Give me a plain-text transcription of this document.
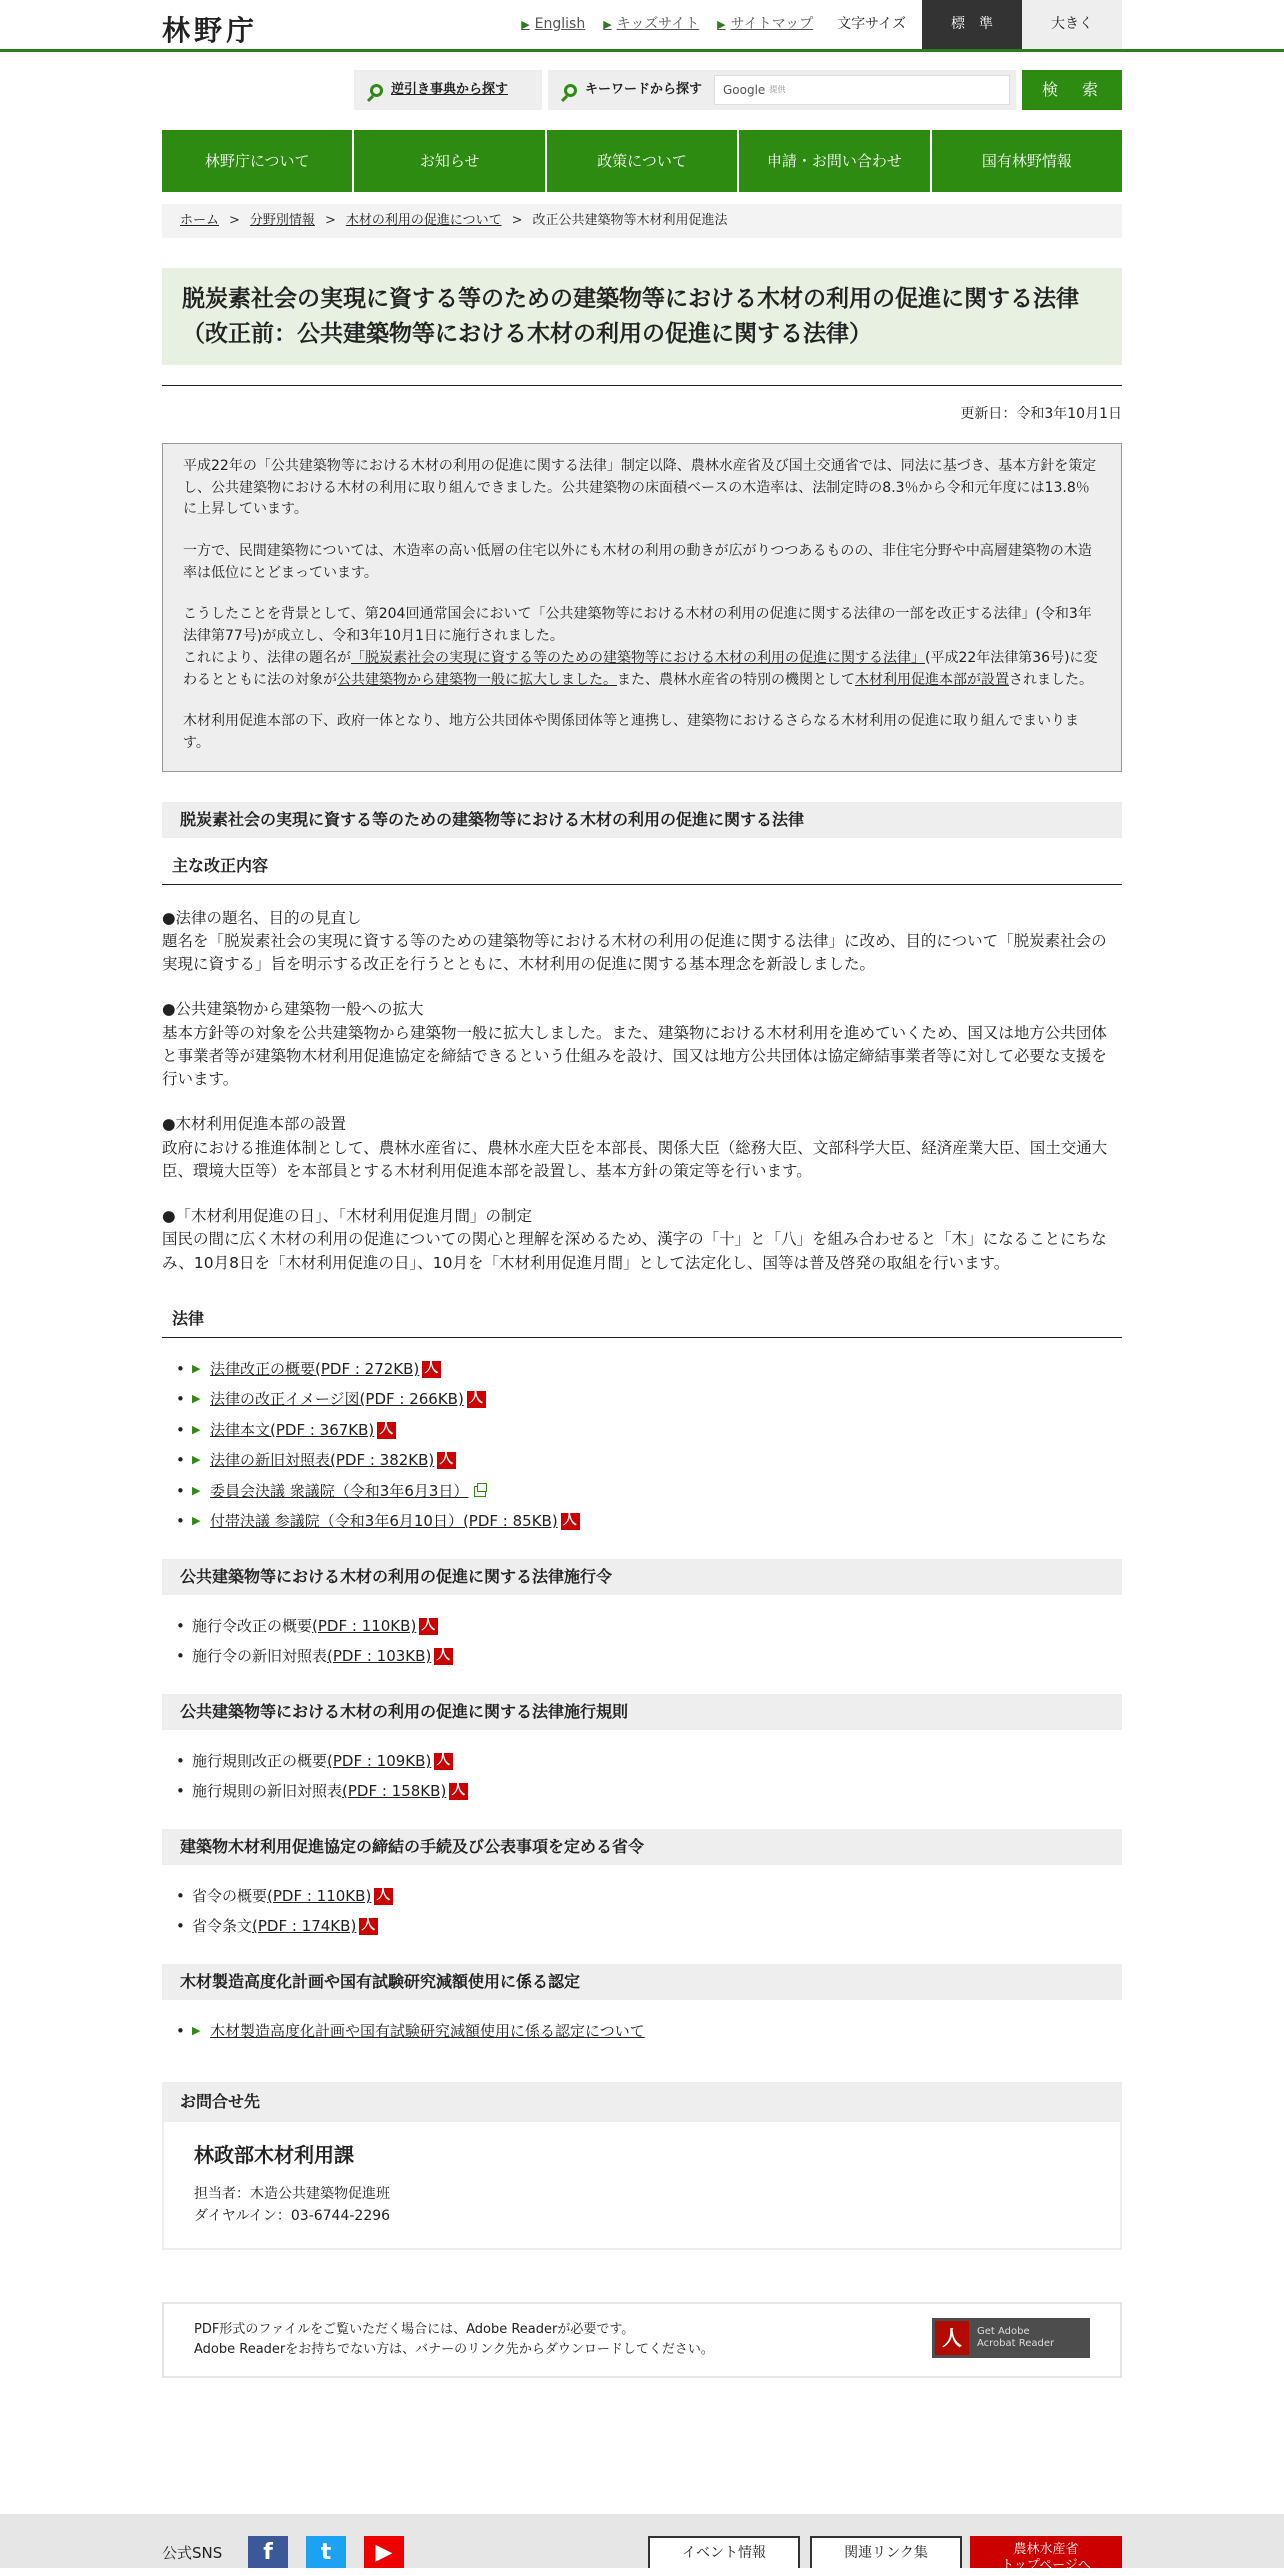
林野庁	▶ English ▶ キッズサイト ▶ サイトマップ 文字サイズ	標　準	大きく
逆引き事典から探す	キーワードから探す Google 提供	検　索
林野庁について	お知らせ	政策について	申請・お問い合わせ	国有林野情報
ホーム > 分野別情報 > 木材の利用の促進について > 改正公共建築物等木材利用促進法
脱炭素社会の実現に資する等のための建築物等における木材の利用の促進に関する法律（改正前：公共建築物等における木材の利用の促進に関する法律）
更新日：令和3年10月1日

平成22年の「公共建築物等における木材の利用の促進に関する法律」制定以降、農林水産省及び国土交通省では、同法に基づき、基本方針を策定し、公共建築物における木材の利用に取り組んできました。公共建築物の床面積ベースの木造率は、法制定時の8.3％から令和元年度には13.8％に上昇しています。

一方で、民間建築物については、木造率の高い低層の住宅以外にも木材の利用の動きが広がりつつあるものの、非住宅分野や中高層建築物の木造率は低位にとどまっています。

こうしたことを背景として、第204回通常国会において「公共建築物等における木材の利用の促進に関する法律の一部を改正する法律」(令和3年法律第77号)が成立し、令和3年10月1日に施行されました。

これにより、法律の題名が「脱炭素社会の実現に資する等のための建築物等における木材の利用の促進に関する法律」(平成22年法律第36号)に変わるとともに法の対象が公共建築物から建築物一般に拡大しました。また、農林水産省の特別の機関として木材利用促進本部が設置されました。

木材利用促進本部の下、政府一体となり、地方公共団体や関係団体等と連携し、建築物におけるさらなる木材利用の促進に取り組んでまいります。

脱炭素社会の実現に資する等のための建築物等における木材の利用の促進に関する法律
主な改正内容
●法律の題名、目的の見直し
題名を「脱炭素社会の実現に資する等のための建築物等における木材の利用の促進に関する法律」に改め、目的について「脱炭素社会の実現に資する」旨を明示する改正を行うとともに、木材利用の促進に関する基本理念を新設しました。
●公共建築物から建築物一般への拡大
基本方針等の対象を公共建築物から建築物一般に拡大しました。また、建築物における木材利用を進めていくため、国又は地方公共団体と事業者等が建築物木材利用促進協定を締結できるという仕組みを設け、国又は地方公共団体は協定締結事業者等に対して必要な支援を行います。
●木材利用促進本部の設置
政府における推進体制として、農林水産省に、農林水産大臣を本部長、関係大臣（総務大臣、文部科学大臣、経済産業大臣、国土交通大臣、環境大臣等）を本部員とする木材利用促進本部を設置し、基本方針の策定等を行います。
●「木材利用促進の日」、「木材利用促進月間」の制定
国民の間に広く木材の利用の促進についての関心と理解を深めるため、漢字の「十」と「八」を組み合わせると「木」になることにちなみ、10月8日を「木材利用促進の日」、10月を「木材利用促進月間」として法定化し、国等は普及啓発の取組を行います。
法律
• ▶ 法律改正の概要(PDF : 272KB)
人
• ▶ 法律の改正イメージ図(PDF : 266KB)
人
• ▶ 法律本文(PDF : 367KB)
人
• ▶ 法律の新旧対照表(PDF : 382KB)
人
• ▶ 委員会決議 衆議院（令和3年6月3日）
• ▶ 付帯決議 参議院（令和3年6月10日）(PDF : 85KB)
人
公共建築物等における木材の利用の促進に関する法律施行令
• 施行令改正の概要 (PDF : 110KB)
人
• 施行令の新旧対照表 (PDF : 103KB)
人
公共建築物等における木材の利用の促進に関する法律施行規則
• 施行規則改正の概要 (PDF : 109KB)
人
• 施行規則の新旧対照表 (PDF : 158KB)
人
建築物木材利用促進協定の締結の手続及び公表事項を定める省令
• 省令の概要 (PDF : 110KB)
人
• 省令条文 (PDF : 174KB)
人
木材製造高度化計画や国有試験研究減額使用に係る認定
• ▶ 木材製造高度化計画や国有試験研究減額使用に係る認定について
お問合せ先
林政部木材利用課
担当者：木造公共建築物促進班
ダイヤルイン：03-6744-2296
PDF形式のファイルをご覧いただく場合には、Adobe Readerが必要です。
Adobe Readerをお持ちでない方は、バナーのリンク先からダウンロードしてください。
人
Get Adobe
Acrobat Reader
公式SNS	f	t	▶	イベント情報	関連リンク集	農林水産省
トップページへ
